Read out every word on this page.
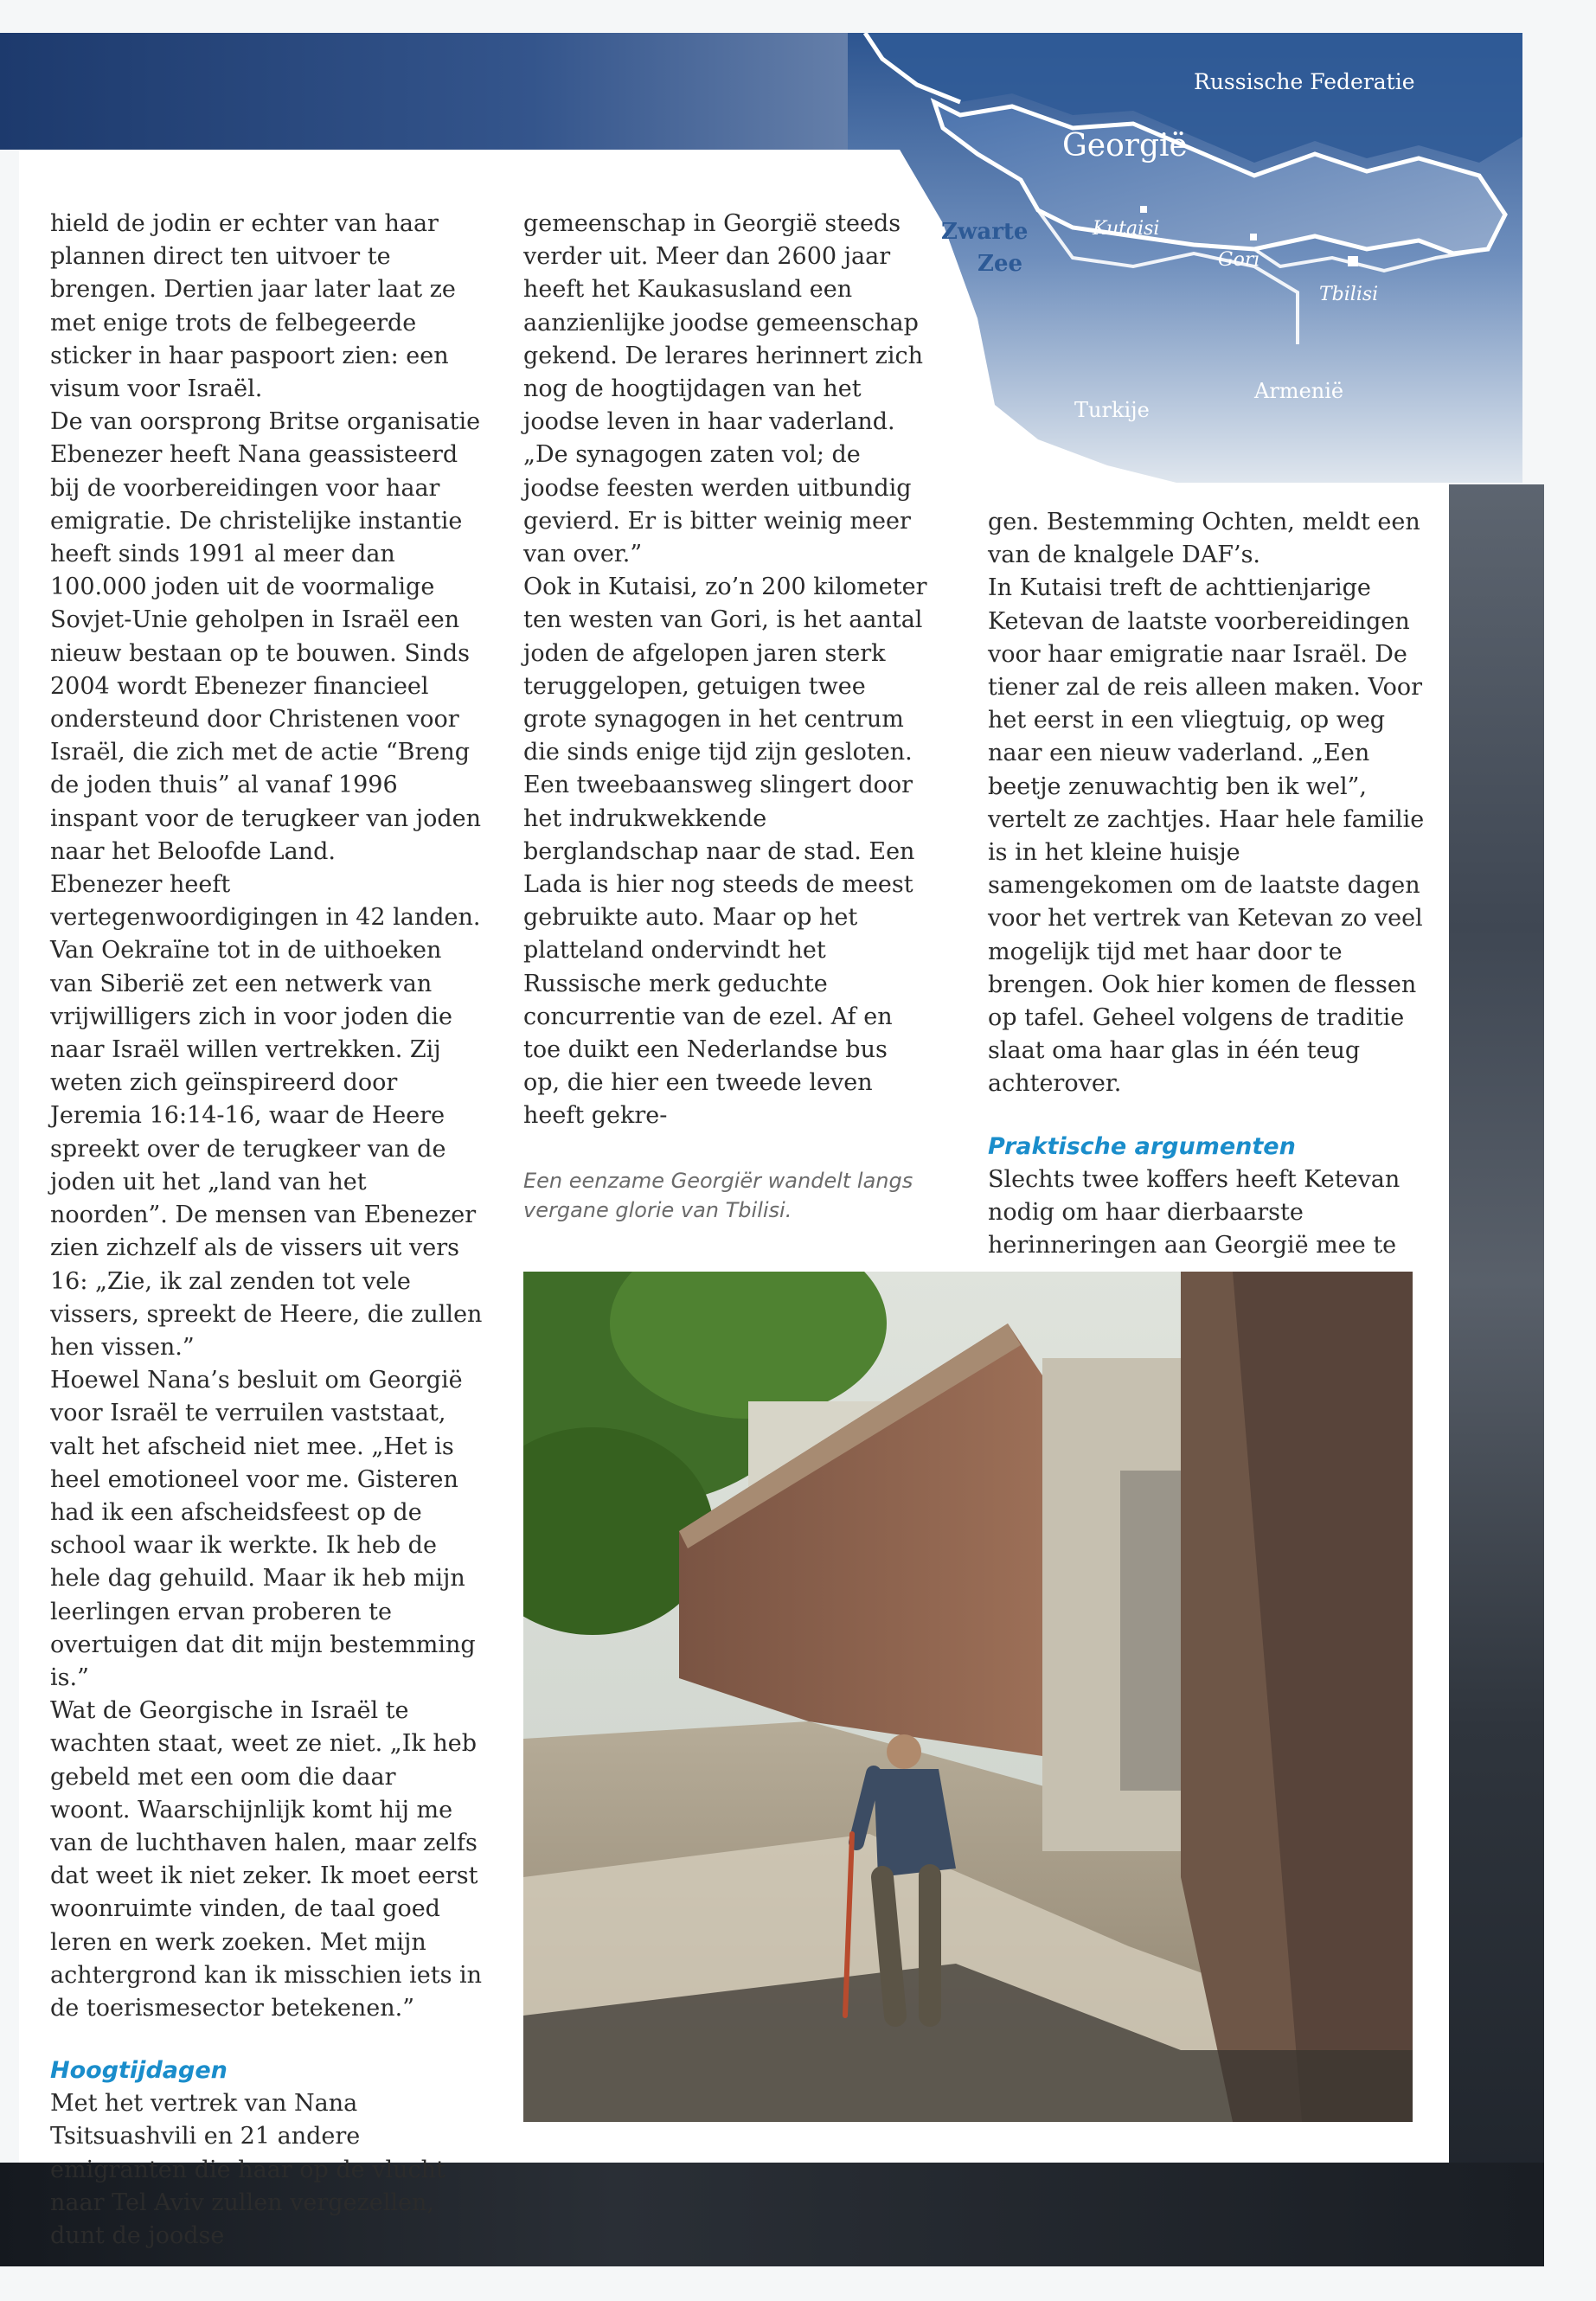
Russische Federatie
Georgië
Zwarte
Zee
Kutaisi
Gori
Tbilisi
Turkije
Armenië

hield de jodin er echter van haar plannen direct ten uitvoer te brengen. Dertien jaar later laat ze met enige trots de felbegeerde sticker in haar paspoort zien: een visum voor Israël.

De van oorsprong Britse organisatie Ebenezer heeft Nana geassisteerd bij de voorbereidingen voor haar emigratie. De christelijke instantie heeft sinds 1991 al meer dan 100.000 joden uit de voormalige Sovjet-Unie geholpen in Israël een nieuw bestaan op te bouwen. Sinds 2004 wordt Ebenezer financieel ondersteund door Christenen voor Israël, die zich met de actie “Breng de joden thuis” al vanaf 1996 inspant voor de terugkeer van joden naar het Beloofde Land.

Ebenezer heeft vertegenwoordigingen in 42 landen. Van Oekraïne tot in de uithoeken van Siberië zet een netwerk van vrijwilligers zich in voor joden die naar Israël willen vertrekken. Zij weten zich geïnspireerd door Jeremia 16:14-16, waar de Heere spreekt over de terugkeer van de joden uit het „land van het noorden”. De mensen van Ebenezer zien zichzelf als de vissers uit vers 16: „Zie, ik zal zenden tot vele vissers, spreekt de Heere, die zullen hen vissen.”

Hoewel Nana’s besluit om Georgië voor Israël te verruilen vaststaat, valt het afscheid niet mee. „Het is heel emotioneel voor me. Gisteren had ik een afscheidsfeest op de school waar ik werkte. Ik heb de hele dag gehuild. Maar ik heb mijn leerlingen ervan proberen te overtuigen dat dit mijn bestemming is.”

Wat de Georgische in Israël te wachten staat, weet ze niet. „Ik heb gebeld met een oom die daar woont. Waarschijnlijk komt hij me van de luchthaven halen, maar zelfs dat weet ik niet zeker. Ik moet eerst woonruimte vinden, de taal goed leren en werk zoeken. Met mijn achtergrond kan ik misschien iets in de toerismesector betekenen.”

Hoogtijdagen

Met het vertrek van Nana Tsitsuashvili en 21 andere emigranten die haar op de vlucht naar Tel Aviv zullen vergezellen, dunt de joodse

gemeenschap in Georgië steeds verder uit. Meer dan 2600 jaar heeft het Kaukasusland een aanzienlijke joodse gemeenschap gekend. De lerares herinnert zich nog de hoogtijdagen van het joodse leven in haar vaderland. „De synagogen zaten vol; de joodse feesten werden uitbundig gevierd. Er is bitter weinig meer van over.”

Ook in Kutaisi, zo’n 200 kilometer ten westen van Gori, is het aantal joden de afgelopen jaren sterk teruggelopen, getuigen twee grote synagogen in het centrum die sinds enige tijd zijn gesloten. Een tweebaansweg slingert door het indrukwekkende berglandschap naar de stad. Een Lada is hier nog steeds de meest gebruikte auto. Maar op het platteland ondervindt het Russische merk geduchte concurrentie van de ezel. Af en toe duikt een Nederlandse bus op, die hier een tweede leven heeft gekre-

gen. Bestemming Ochten, meldt een van de knalgele DAF’s.

In Kutaisi treft de achttienjarige Ketevan de laatste voorbereidingen voor haar emigratie naar Israël. De tiener zal de reis alleen maken. Voor het eerst in een vliegtuig, op weg naar een nieuw vaderland. „Een beetje zenuwachtig ben ik wel”, vertelt ze zachtjes. Haar hele familie is in het kleine huisje samengekomen om de laatste dagen voor het vertrek van Ketevan zo veel mogelijk tijd met haar door te brengen. Ook hier komen de flessen op tafel. Geheel volgens de traditie slaat oma haar glas in één teug achterover.

Praktische argumenten

Slechts twee koffers heeft Ketevan nodig om haar dierbaarste herinneringen aan Georgië mee te

Een eenzame Georgiër wandelt langs vergane glorie van Tbilisi.
